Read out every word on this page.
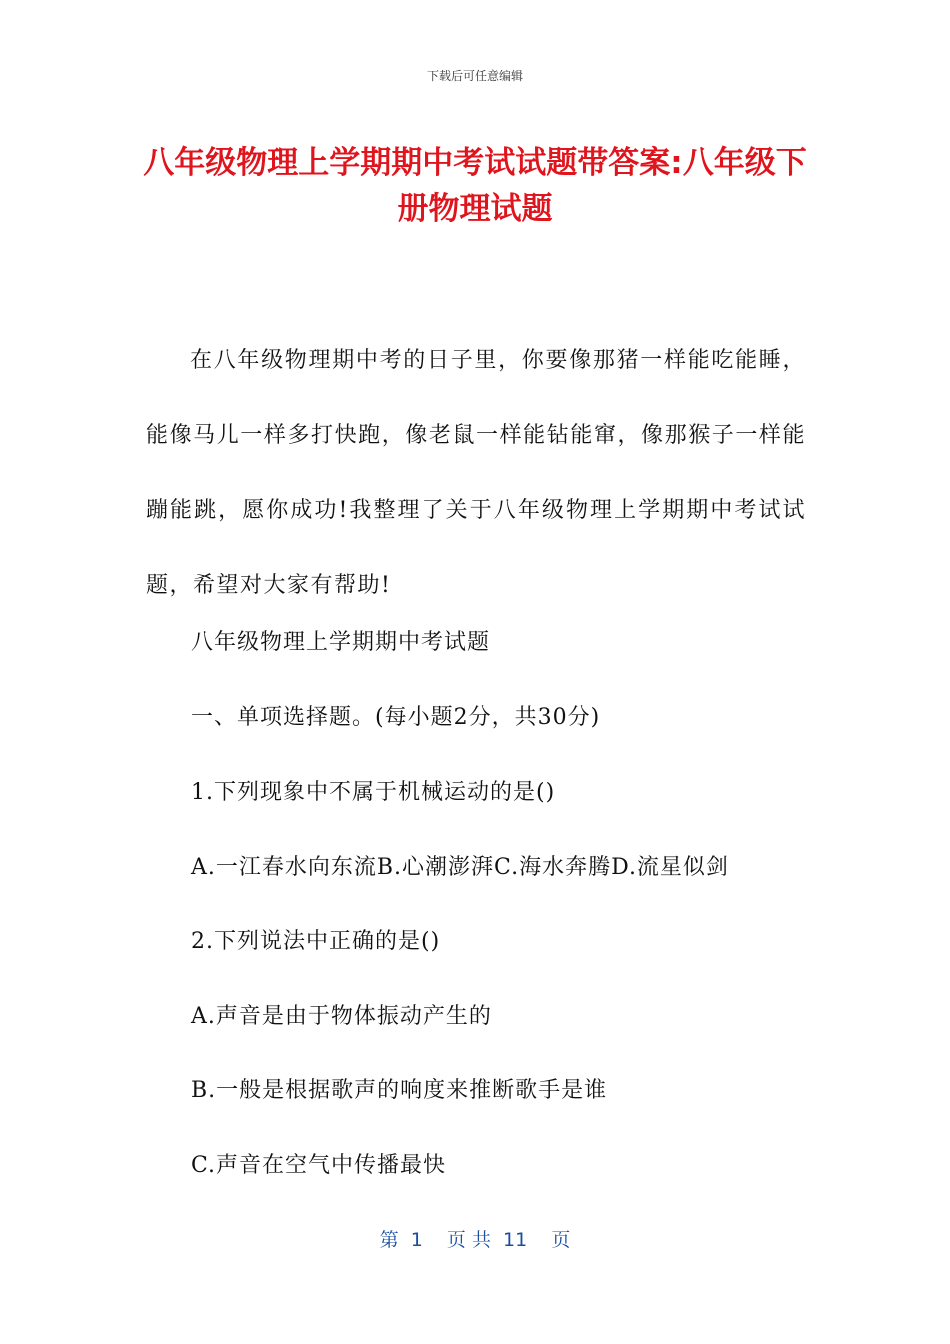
下载后可任意编辑
八年级物理上学期期中考试试题带答案:八年级下册物理试题
在八年级物理期中考的日子里，你要像那猪一样能吃能睡，能像马儿一样多打快跑，像老鼠一样能钻能窜，像那猴子一样能蹦能跳，愿你成功!我整理了关于八年级物理上学期期中考试试题，希望对大家有帮助!
八年级物理上学期期中考试题
一、单项选择题。(每小题2分，共30分)
1.下列现象中不属于机械运动的是()
A.一江春水向东流B.心潮澎湃C.海水奔腾D.流星似剑
2.下列说法中正确的是()
A.声音是由于物体振动产生的
B.一般是根据歌声的响度来推断歌手是谁
C.声音在空气中传播最快
第  1    页 共  11    页
